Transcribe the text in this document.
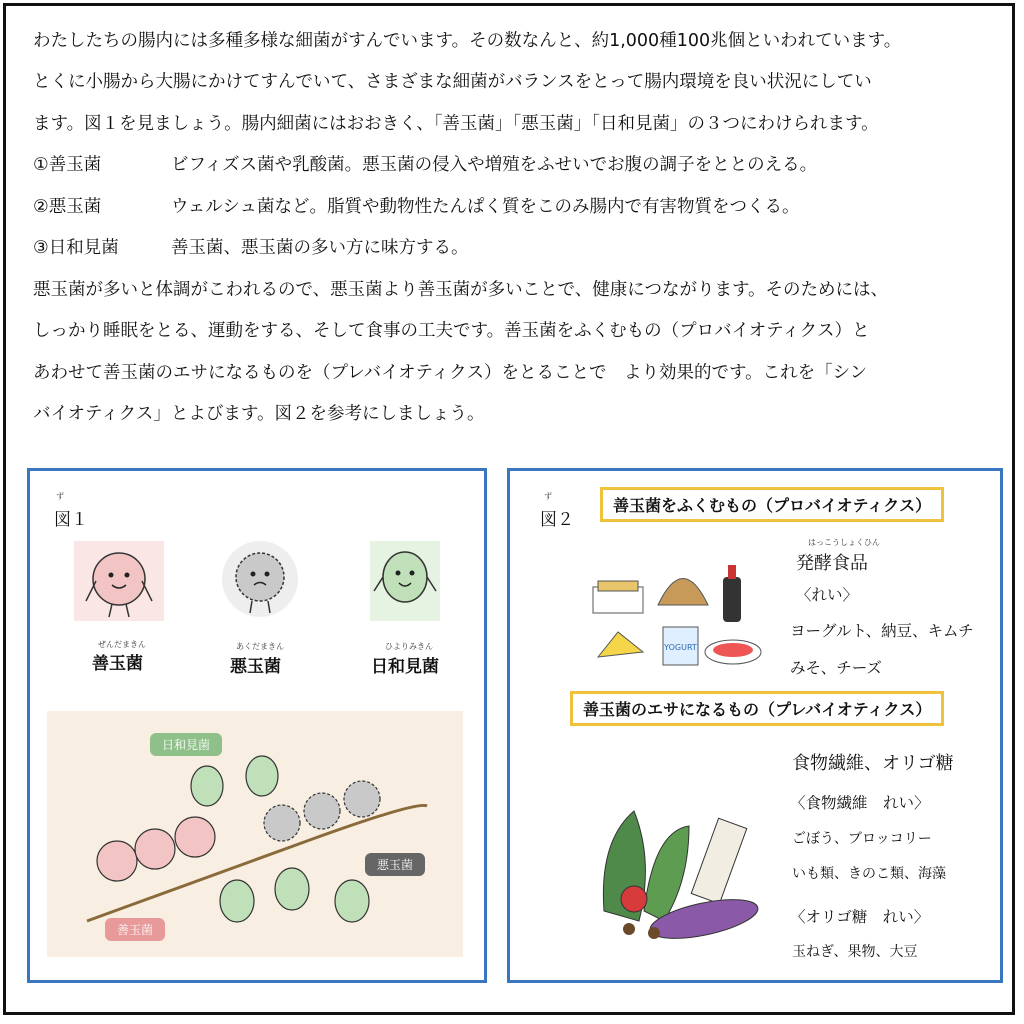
わたしたちの腸内には多種多様な細菌がすんでいます。その数なんと、約1,000種100兆個といわれています。
とくに小腸から大腸にかけてすんでいて、さまざまな細菌がバランスをとって腸内環境を良い状況にしてい
ます。図１を見ましょう。腸内細菌にはおおきく、「善玉菌」「悪玉菌」「日和見菌」の３つにわけられます。
①善玉菌	ビフィズス菌や乳酸菌。悪玉菌の侵入や増殖をふせいでお腹の調子をととのえる。
②悪玉菌	ウェルシュ菌など。脂質や動物性たんぱく質をこのみ腸内で有害物質をつくる。
③日和見菌	善玉菌、悪玉菌の多い方に味方する。
悪玉菌が多いと体調がこわれるので、悪玉菌より善玉菌が多いことで、健康につながります。そのためには、
しっかり睡眠をとる、運動をする、そして食事の工夫です。善玉菌をふくむもの（プロバイオティクス）と
あわせて善玉菌のエサになるものを（プレバイオティクス）をとることで　より効果的です。これを「シン
バイオティクス」とよびます。図２を参考にしましょう。
ず
図１
ぜんだまきん
善玉菌
あくだまきん
悪玉菌
ひよりみきん
日和見菌
日和見菌
悪玉菌
善玉菌
ず
図２
善玉菌をふくむもの（プロバイオティクス）
YOGURT
はっこうしょくひん
発酵食品
〈れい〉
ヨーグルト、納豆、キムチ
みそ、チーズ
善玉菌のエサになるもの（プレバイオティクス）
食物繊維、オリゴ糖
〈食物繊維　れい〉
ごぼう、ブロッコリー
いも類、きのこ類、海藻
〈オリゴ糖　れい〉
玉ねぎ、果物、大豆
